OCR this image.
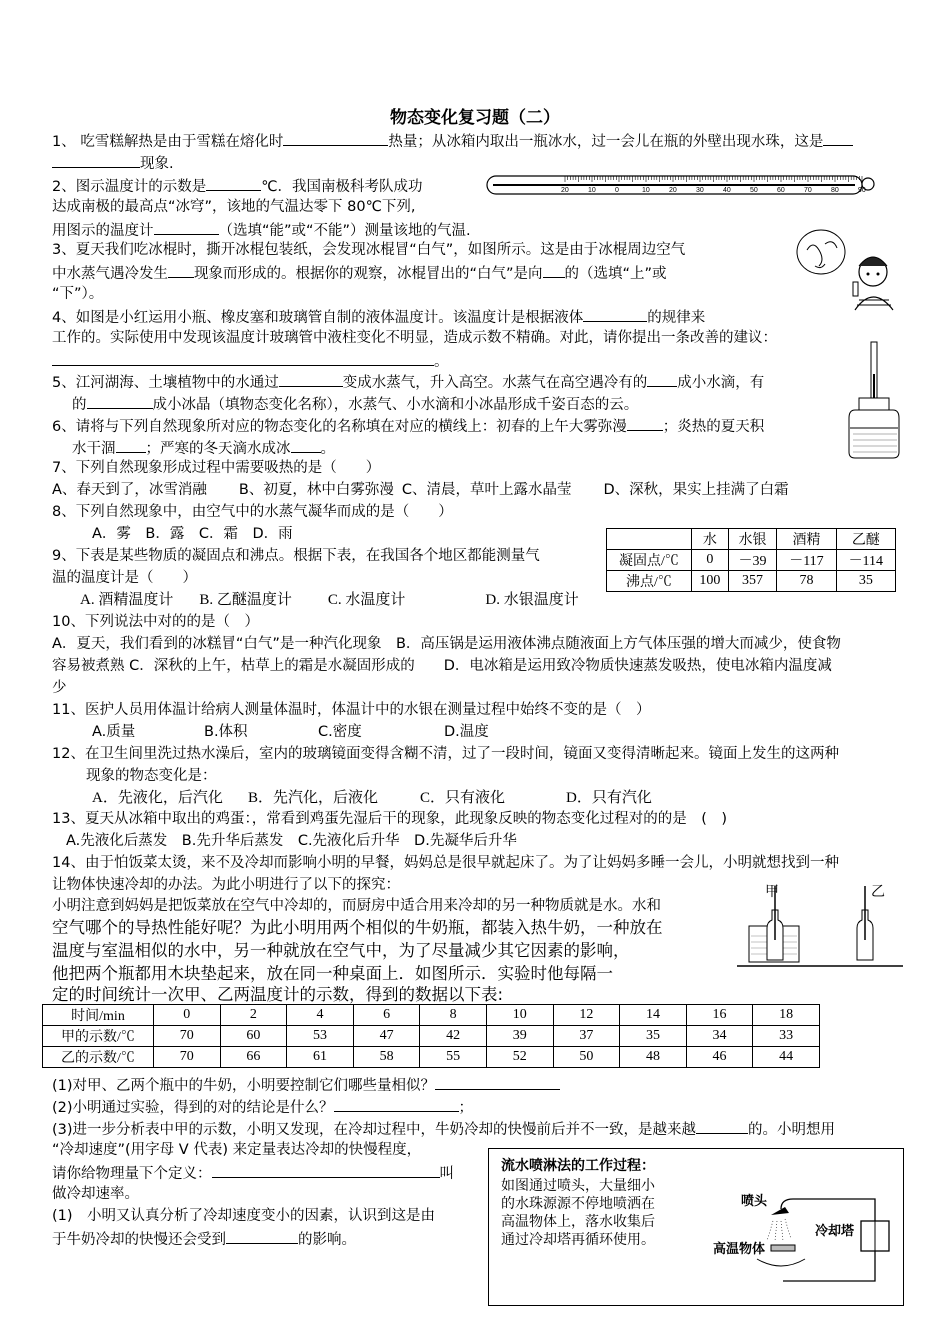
物态变化复习题（二）
1、 吃雪糕解热是由于雪糕在熔化时	热量；从冰箱内取出一瓶冰水，过一会儿在瓶的外壁出现水珠，这是
现象.
2、图示温度计的示数是	℃．我国南极科考队成功
达成南极的最高点“冰穹”，该地的气温达零下 80℃下列,
用图示的温度计	（选填“能”或“不能”）测量该地的气温.
20	10	0	10	20	30	40	50	60	70	80	90
3、夏天我们吃冰棍时，撕开冰棍包装纸，会发现冰棍冒“白气”，如图所示。这是由于冰棍周边空气
中水蒸气遇冷发生 现象而形成的。根据你的观察，冰棍冒出的“白气”是向 的（选填“上”或
“下”）。
4、如图是小红运用小瓶、橡皮塞和玻璃管自制的液体温度计。该温度计是根据液体	的规律来
工作的。实际使用中发现该温度计玻璃管中液柱变化不明显，造成示数不精确。对此，请你提出一条改善的建议：
。
5、江河湖海、土壤植物中的水通过	变成水蒸气，升入高空。水蒸气在高空遇冷有的 成小水滴，有
的	成小冰晶（填物态变化名称），水蒸气、小水滴和小冰晶形成千姿百态的云。
6、请将与下列自然现象所对应的物态变化的名称填在对应的横线上：初春的上午大雾弥漫 ；炎热的夏天积
水干涸 ；严寒的冬天滴水成冰 。
7、下列自然现象形成过程中需要吸热的是（　　）
A、春天到了，冰雪消融 B、初夏，林中白雾弥漫 C、清晨，草叶上露水晶莹 D、深秋，果实上挂满了白霜
8、下列自然现象中，由空气中的水蒸气凝华而成的是（　　）
A．雾　B．露　C．霜　D．雨
9、下表是某些物质的凝固点和沸点。根据下表，在我国各个地区都能测量气
温的温度计是（　　）
A. 酒精温度计 B. 乙醚温度计 C. 水温度计	D. 水银温度计
	水	水银	酒精	乙醚
凝固点/℃	0	－39	－117	－114
沸点/℃	100	357	78	35
10、下列说法中对的的是（　）
A．夏天，我们看到的冰糕冒“白气”是一种汽化现象　B．高压锅是运用液体沸点随液面上方气体压强的增大而减少，使食物
容易被煮熟 C．深秋的上午，枯草上的霜是水凝固形成的　　D．电冰箱是运用致冷物质快速蒸发吸热，使电冰箱内温度减
少
11、医护人员用体温计给病人测量体温时，体温计中的水银在测量过程中始终不变的是（　）
A.质量	B.体积	C.密度	D.温度
12、在卫生间里洗过热水澡后，室内的玻璃镜面变得含糊不清，过了一段时间，镜面又变得清晰起来。镜面上发生的这两种
现象的物态变化是：
A．先液化，后汽化 B．先汽化，后液化	C．只有液化	D．只有汽化
13、夏天从冰箱中取出的鸡蛋：，常看到鸡蛋先湿后干的现象，此现象反映的物态变化过程对的的是　(　)
A.先液化后蒸发　B.先升华后蒸发　C.先液化后升华　D.先凝华后升华
14、由于怕饭菜太烫，来不及冷却而影响小明的早餐，妈妈总是很早就起床了。为了让妈妈多睡一会儿，小明就想找到一种
让物体快速冷却的办法。为此小明进行了以下的探究：
小明注意到妈妈是把饭菜放在空气中冷却的，而厨房中适合用来冷却的另一种物质就是水。水和
空气哪个的导热性能好呢？为此小明用两个相似的牛奶瓶，都装入热牛奶，一种放在
温度与室温相似的水中，另一种就放在空气中，为了尽量减少其它因素的影响，
他把两个瓶都用木块垫起来，放在同一种桌面上．如图所示．实验时他每隔一
定的时间统计一次甲、乙两温度计的示数，得到的数据以下表:
甲	乙
时间/min	0	2	4	6	8	10	12	14	16	18
甲的示数/℃	70	60	53	47	42	39	37	35	34	33
乙的示数/℃	70	66	61	58	55	52	50	48	46	44
(1)对甲、乙两个瓶中的牛奶，小明要控制它们哪些量相似？
(2)小明通过实验，得到的对的结论是什么？	；
(3)进一步分析表中甲的示数，小明又发现，在冷却过程中，牛奶冷却的快慢前后并不一致，是越来越	的。小明想用
“冷却速度”(用字母 V 代表) 来定量表达冷却的快慢程度，
请你给物理量下个定义：	叫
做冷却速率。
(1)　小明又认真分析了冷却速度变小的因素，认识到这是由
于牛奶冷却的快慢还会受到	的影响。
流水喷淋法的工作过程：
如图通过喷头，大量细小
的水珠源源不停地喷洒在
高温物体上，落水收集后
通过冷却塔再循环使用。
喷头
冷却塔
高温物体
